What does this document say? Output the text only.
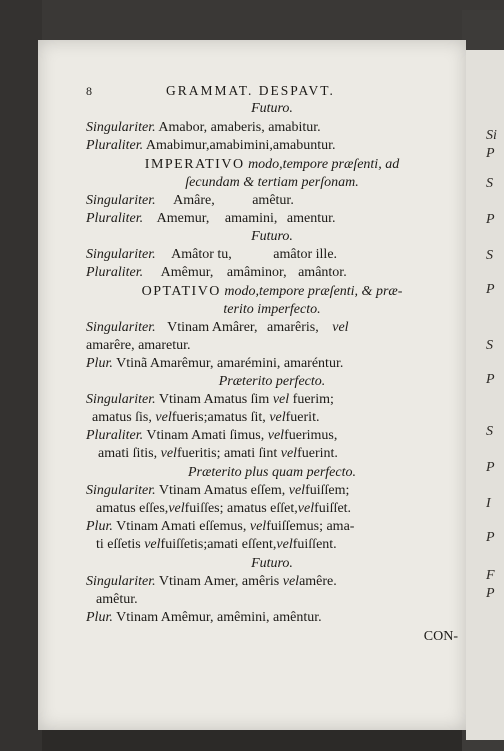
8	GRAMMAT. DESPAVT.
Futuro.
Singulariter. Amabor, amaberis, amabitur.
Pluraliter. Amabimur,amabimini,amabuntur.
IMPERATIVO modo,tempore præſenti, ad
ſecundam & tertiam perſonam.
Singulariter. Amâre,	amêtur.
Pluraliter. Amemur, amamini, amentur.
Futuro.
Singulariter. Amâtor tu,	amâtor ille.
Pluraliter. Amêmur, amâminor, amântor.
OPTATIVO modo,tempore præſenti, & præ-
terito imperfecto.
Singulariter. Vtinam Amârer, amarêris, vel
amarêre, amaretur.
Plur. Vtinã Amarêmur, amarémini, amaréntur.
Præterito perfecto.
Singulariter. Vtinam Amatus ſim vel fuerim;
amatus ſis, velfueris;amatus ſit, velfuerit.
Pluraliter. Vtinam Amati ſimus, velfuerimus,
amati ſitis, velfueritis; amati ſint velfuerint.
Præterito plus quam perfecto.
Singulariter. Vtinam Amatus eſſem, velfuiſſem;
amatus eſſes,velfuiſſes; amatus eſſet,velfuiſſet.
Plur. Vtinam Amati eſſemus, velfuiſſemus; ama-
ti eſſetis velfuiſſetis;amati eſſent,velfuiſſent.
Futuro.
Singulariter. Vtinam Amer, amêris velamêre.
amêtur.
Plur. Vtinam Amêmur, amêmini, amêntur.
CON-
Si
P
S
P
S
P
S
P
S
P
I
P
F
P
